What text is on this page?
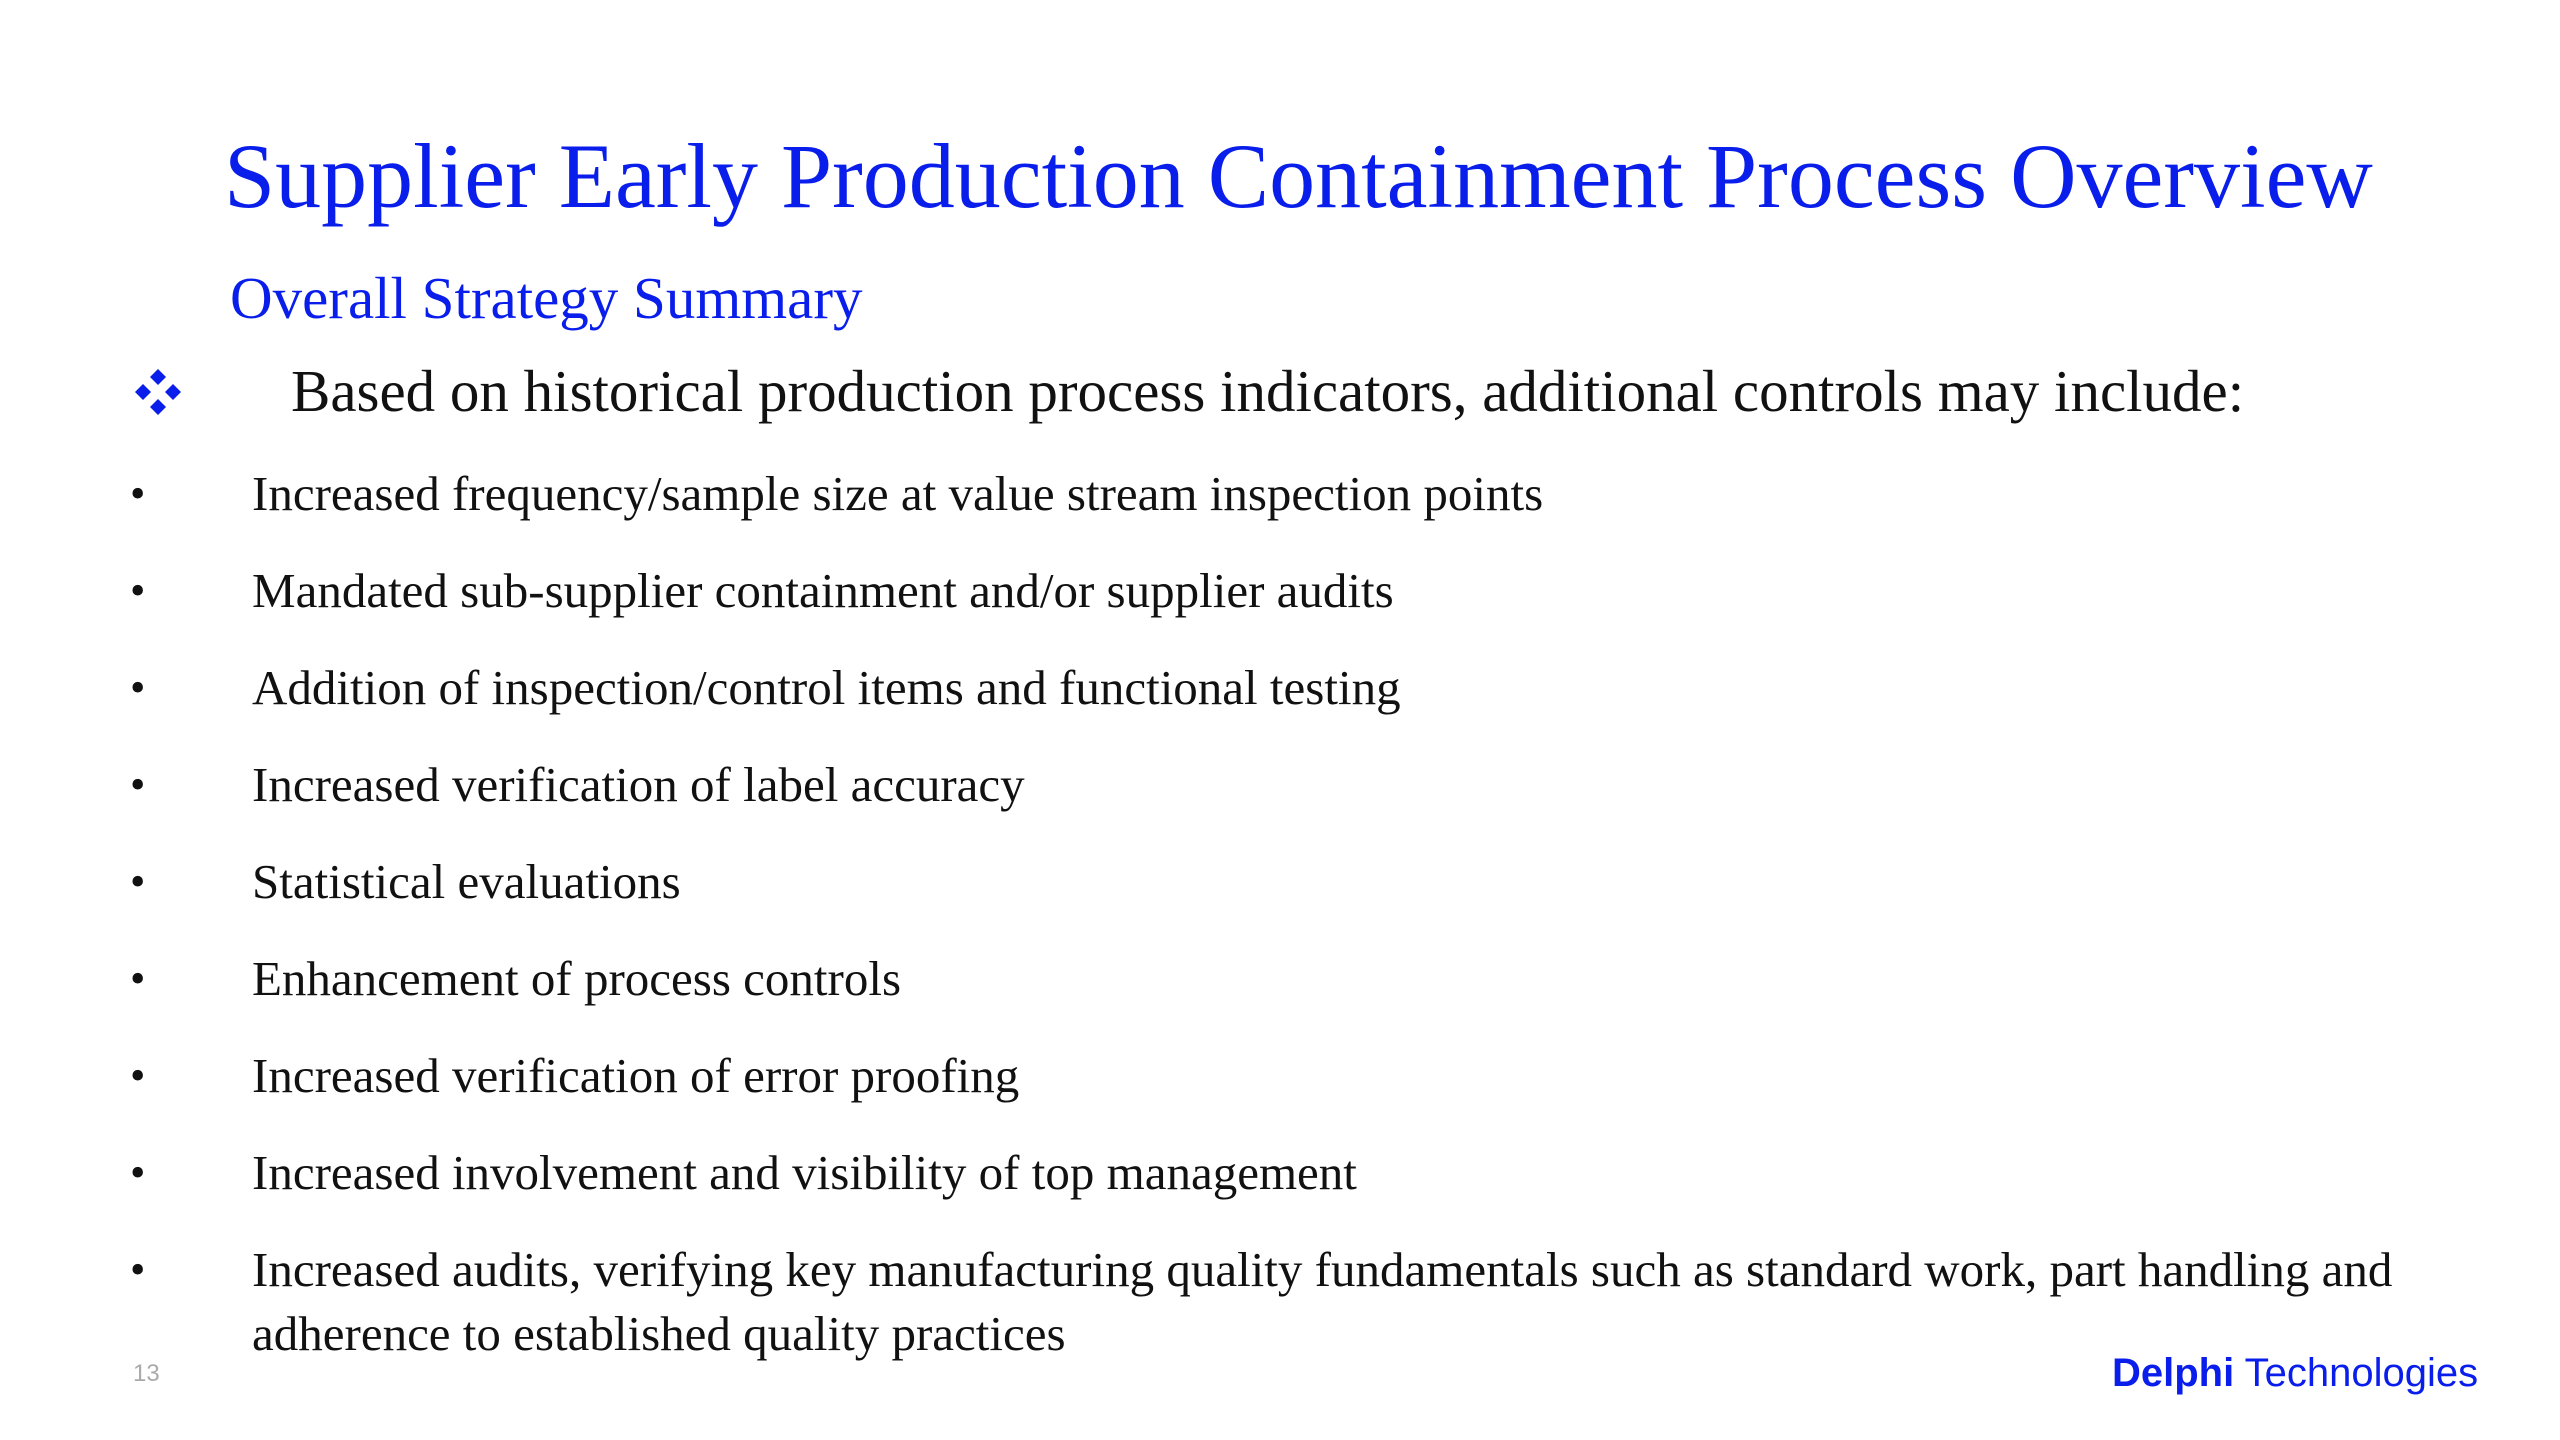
Supplier Early Production Containment Process Overview
Overall Strategy Summary
Based on historical production process indicators, additional controls may include:
• Increased frequency/sample size at value stream inspection points
• Mandated sub-supplier containment and/or supplier audits
• Addition of inspection/control items and functional testing
• Increased verification of label accuracy
• Statistical evaluations
• Enhancement of process controls
• Increased verification of error proofing
• Increased involvement and visibility of top management
• Increased audits, verifying key manufacturing quality fundamentals such as standard work, part handling and adherence to established quality practices
13	Delphi Technologies
